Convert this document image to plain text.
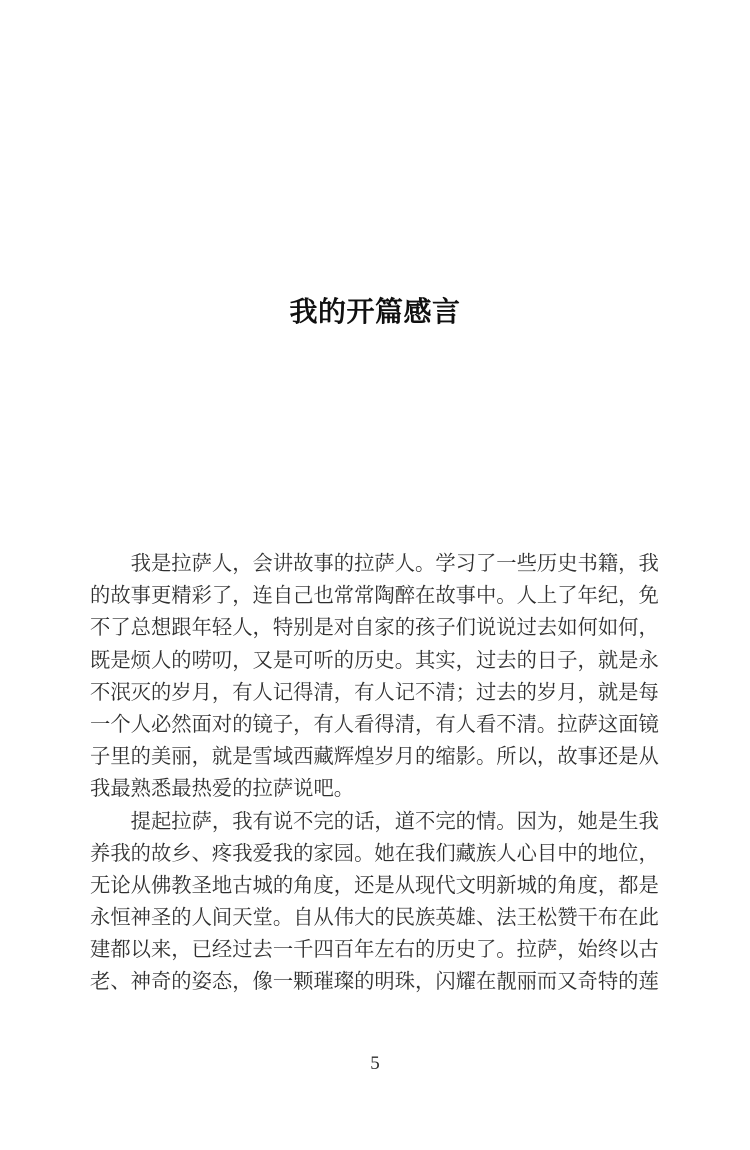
我的开篇感言
我是拉萨人，会讲故事的拉萨人。学习了一些历史书籍，我
的故事更精彩了，连自己也常常陶醉在故事中。人上了年纪，免
不了总想跟年轻人，特别是对自家的孩子们说说过去如何如何，
既是烦人的唠叨，又是可听的历史。其实，过去的日子，就是永
不泯灭的岁月，有人记得清，有人记不清；过去的岁月，就是每
一个人必然面对的镜子，有人看得清，有人看不清。拉萨这面镜
子里的美丽，就是雪域西藏辉煌岁月的缩影。所以，故事还是从
我最熟悉最热爱的拉萨说吧。
提起拉萨，我有说不完的话，道不完的情。因为，她是生我
养我的故乡、疼我爱我的家园。她在我们藏族人心目中的地位，
无论从佛教圣地古城的角度，还是从现代文明新城的角度，都是
永恒神圣的人间天堂。自从伟大的民族英雄、法王松赞干布在此
建都以来，已经过去一千四百年左右的历史了。拉萨，始终以古
老、神奇的姿态，像一颗璀璨的明珠，闪耀在靓丽而又奇特的莲
5
